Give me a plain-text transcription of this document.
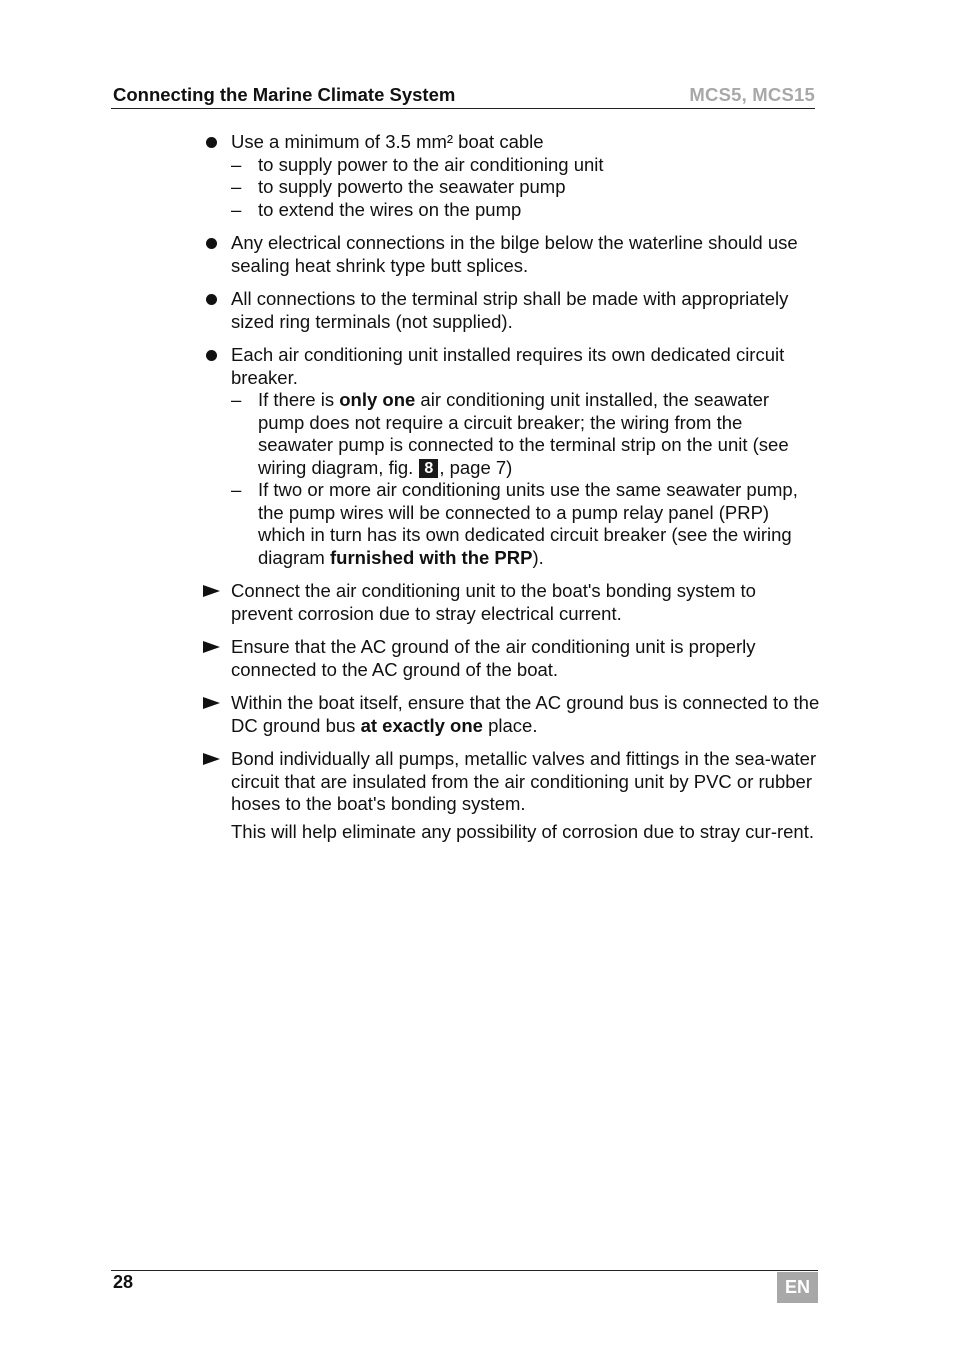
Connecting the Marine Climate System	MCS5, MCS15
Use a minimum of 3.5 mm² boat cable
– to supply power to the air conditioning unit
– to supply powerto the seawater pump
– to extend the wires on the pump
Any electrical connections in the bilge below the waterline should use sealing heat shrink type butt splices.
All connections to the terminal strip shall be made with appropriately sized ring terminals (not supplied).
Each air conditioning unit installed requires its own dedicated circuit breaker.
– If there is only one air conditioning unit installed, the seawater pump does not require a circuit breaker; the wiring from the seawater pump is connected to the terminal strip on the unit (see wiring diagram, fig. 8 , page 7)
– If two or more air conditioning units use the same seawater pump, the pump wires will be connected to a pump relay panel (PRP) which in turn has its own dedicated circuit breaker (see the wiring diagram furnished with the PRP).
Connect the air conditioning unit to the boat's bonding system to prevent corrosion due to stray electrical current.
Ensure that the AC ground of the air conditioning unit is properly connected to the AC ground of the boat.
Within the boat itself, ensure that the AC ground bus is connected to the DC ground bus at exactly one place.
Bond individually all pumps, metallic valves and fittings in the sea-water circuit that are insulated from the air conditioning unit by PVC or rubber hoses to the boat's bonding system.
This will help eliminate any possibility of corrosion due to stray cur-rent.
28	EN
